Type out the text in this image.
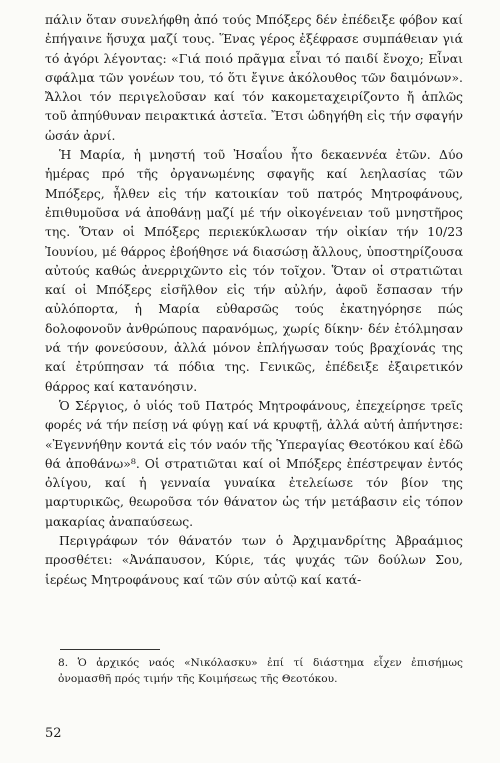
πάλιν ὅταν συνελήφθη ἀπό τούς Μπόξερς δέν ἐπέδειξε φόβον καί ἐπήγαινε ἥσυχα μαζί τους. Ἕνας γέρος ἐξέφρασε συμπάθειαν γιά τό ἀγόρι λέγοντας: «Γιά ποιό πρᾶγμα εἶναι τό παιδί ἔνοχο; Εἶναι σφάλμα τῶν γονέων του, τό ὅτι ἔγινε ἀκόλουθος τῶν δαιμόνων». Ἄλλοι τόν περιγελοῦσαν καί τόν κακομεταχειρίζοντο ἤ ἁπλῶς τοῦ ἀπηύθυναν πειρακτικά ἀστεῖα. Ἔτσι ὡδηγήθη εἰς τήν σφαγήν ὡσάν ἀρνί.

Ἡ Μαρία, ἡ μνηστή τοῦ Ἠσαΐου ἦτο δεκαεννέα ἐτῶν. Δύο ἡμέρας πρό τῆς ὀργανωμένης σφαγῆς καί λεηλασίας τῶν Μπόξερς, ἦλθεν εἰς τήν κατοικίαν τοῦ πατρός Μητροφάνους, ἐπιθυμοῦσα νά ἀποθάνῃ μαζί μέ τήν οἰκογένειαν τοῦ μνηστῆρος της. Ὅταν οἱ Μπόξερς περιεκύκλωσαν τήν οἰκίαν τήν 10/23 Ἰουνίου, μέ θάρρος ἐβοήθησε νά διασώσῃ ἄλλους, ὑποστηρίζουσα αὐτούς καθώς ἀνερριχῶντο εἰς τόν τοῖχον. Ὅταν οἱ στρατιῶται καί οἱ Μπόξερς εἰσῆλθον εἰς τήν αὐλήν, ἀφοῦ ἔσπασαν τήν αὐλόπορτα, ἡ Μαρία εὐθαρσῶς τούς ἐκατηγόρησε πώς δολοφονοῦν ἀνθρώπους παρανόμως, χωρίς δίκην· δέν ἐτόλμησαν νά τήν φονεύσουν, ἀλλά μόνον ἐπλήγωσαν τούς βραχίονάς της καί ἐτρύπησαν τά πόδια της. Γενικῶς, ἐπέδειξε ἐξαιρετικόν θάρρος καί κατανόησιν.

Ὁ Σέργιος, ὁ υἱός τοῦ Πατρός Μητροφάνους, ἐπεχείρησε τρεῖς φορές νά τήν πείσῃ νά φύγῃ καί νά κρυφτῇ, ἀλλά αὐτή ἀπήντησε: «Ἐγεννήθην κοντά εἰς τόν ναόν τῆς Ὑπεραγίας Θεοτόκου καί ἐδῶ θά ἀποθάνω»⁸. Οἱ στρατιῶται καί οἱ Μπόξερς ἐπέστρεψαν ἐντός ὀλίγου, καί ἡ γενναία γυναίκα ἐτελείωσε τόν βίον της μαρτυρικῶς, θεωροῦσα τόν θάνατον ὡς τήν μετάβασιν εἰς τόπον μακαρίας ἀναπαύσεως.

Περιγράφων τόν θάνατόν των ὁ Ἀρχιμανδρίτης Ἀβραάμιος προσθέτει: «Ἀνάπαυσον, Κύριε, τάς ψυχάς τῶν δούλων Σου, ἱερέως Μητροφάνους καί τῶν σύν αὐτῷ καί κατά-

8. Ὁ ἀρχικός ναός «Νικόλασκυ» ἐπί τί διάστημα εἶχεν ἐπισήμως ὀνομασθῆ πρός τιμήν τῆς Κοιμήσεως τῆς Θεοτόκου.
52
